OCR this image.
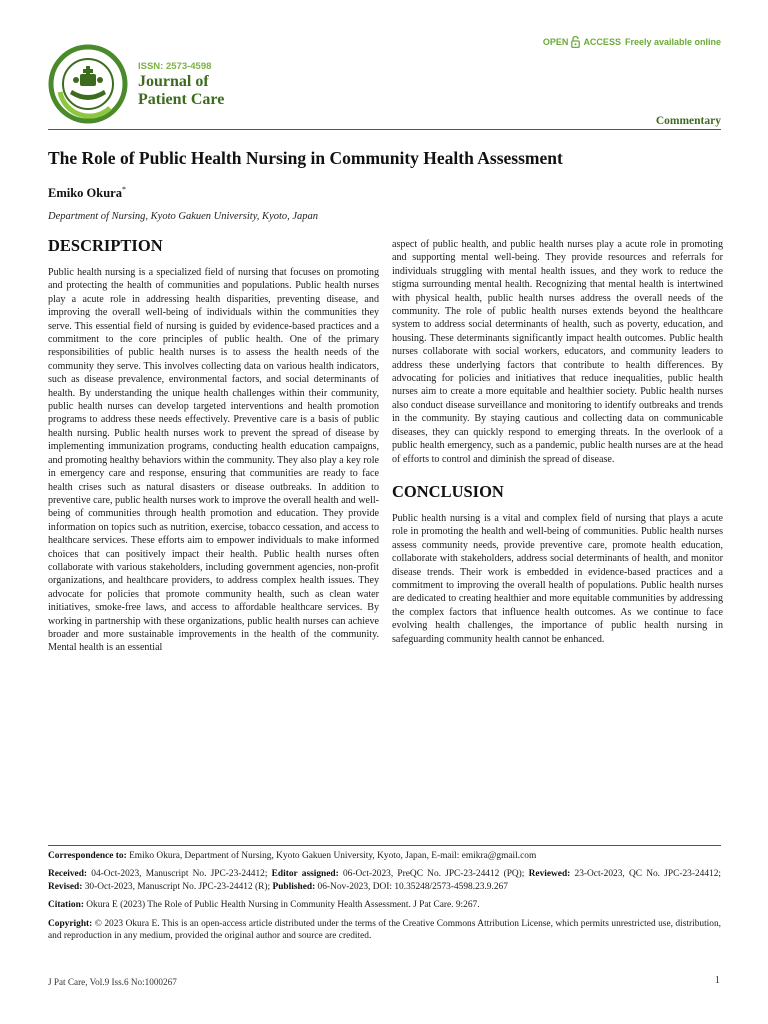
ISSN: 2573-4598
Journal of
Patient Care
OPEN ACCESS Freely available online
Commentary
The Role of Public Health Nursing in Community Health Assessment
Emiko Okura*
Department of Nursing, Kyoto Gakuen University, Kyoto, Japan
DESCRIPTION

Public health nursing is a specialized field of nursing that focuses on promoting and protecting the health of communities and populations. Public health nurses play a acute role in addressing health disparities, preventing disease, and improving the overall well-being of individuals within the communities they serve. This essential field of nursing is guided by evidence-based practices and a commitment to the core principles of public health. One of the primary responsibilities of public health nurses is to assess the health needs of the community they serve. This involves collecting data on various health indicators, such as disease prevalence, environmental factors, and social determinants of health. By understanding the unique health challenges within their community, public health nurses can develop targeted interventions and health promotion programs to address these needs effectively. Preventive care is a basis of public health nursing. Public health nurses work to prevent the spread of disease by implementing immunization programs, conducting health education campaigns, and promoting healthy behaviors within the community. They also play a key role in emergency care and response, ensuring that communities are ready to face health crises such as natural disasters or disease outbreaks. In addition to preventive care, public health nurses work to improve the overall health and well-being of communities through health promotion and education. They provide information on topics such as nutrition, exercise, tobacco cessation, and access to healthcare services. These efforts aim to empower individuals to make informed choices that can positively impact their health. Public health nurses often collaborate with various stakeholders, including government agencies, non-profit organizations, and healthcare providers, to address complex health issues. They advocate for policies that promote community health, such as clean water initiatives, smoke-free laws, and access to affordable healthcare services. By working in partnership with these organizations, public health nurses can achieve broader and more sustainable improvements in the health of the community. Mental health is an essential

aspect of public health, and public health nurses play a acute role in promoting and supporting mental well-being. They provide resources and referrals for individuals struggling with mental health issues, and they work to reduce the stigma surrounding mental health. Recognizing that mental health is intertwined with physical health, public health nurses address the overall needs of the community. The role of public health nurses extends beyond the healthcare system to address social determinants of health, such as poverty, education, and housing. These determinants significantly impact health outcomes. Public health nurses collaborate with social workers, educators, and community leaders to address these underlying factors that contribute to health differences. By advocating for policies and initiatives that reduce inequalities, public health nurses aim to create a more equitable and healthier society. Public health nurses also conduct disease surveillance and monitoring to identify outbreaks and trends in the community. By staying cautious and collecting data on communicable diseases, they can quickly respond to emerging threats. In the overlook of a public health emergency, such as a pandemic, public health nurses are at the head of efforts to control and diminish the spread of disease.

CONCLUSION

Public health nursing is a vital and complex field of nursing that plays a acute role in promoting the health and well-being of communities. Public health nurses assess community needs, provide preventive care, promote health education, collaborate with stakeholders, address social determinants of health, and monitor disease trends. Their work is embedded in evidence-based practices and a commitment to improving the overall health of populations. Public health nurses are dedicated to creating healthier and more equitable communities by addressing the complex factors that influence health outcomes. As we continue to face evolving health challenges, the importance of public health nursing in safeguarding community health cannot be enhanced.

Correspondence to: Emiko Okura, Department of Nursing, Kyoto Gakuen University, Kyoto, Japan, E-mail: emikra@gmail.com

Received: 04-Oct-2023, Manuscript No. JPC-23-24412; Editor assigned: 06-Oct-2023, PreQC No. JPC-23-24412 (PQ); Reviewed: 23-Oct-2023, QC No. JPC-23-24412; Revised: 30-Oct-2023, Manuscript No. JPC-23-24412 (R); Published: 06-Nov-2023, DOI: 10.35248/2573-4598.23.9.267

Citation: Okura E (2023) The Role of Public Health Nursing in Community Health Assessment. J Pat Care. 9:267.

Copyright: © 2023 Okura E. This is an open-access article distributed under the terms of the Creative Commons Attribution License, which permits unrestricted use, distribution, and reproduction in any medium, provided the original author and source are credited.

J Pat Care, Vol.9 Iss.6 No:1000267	1
